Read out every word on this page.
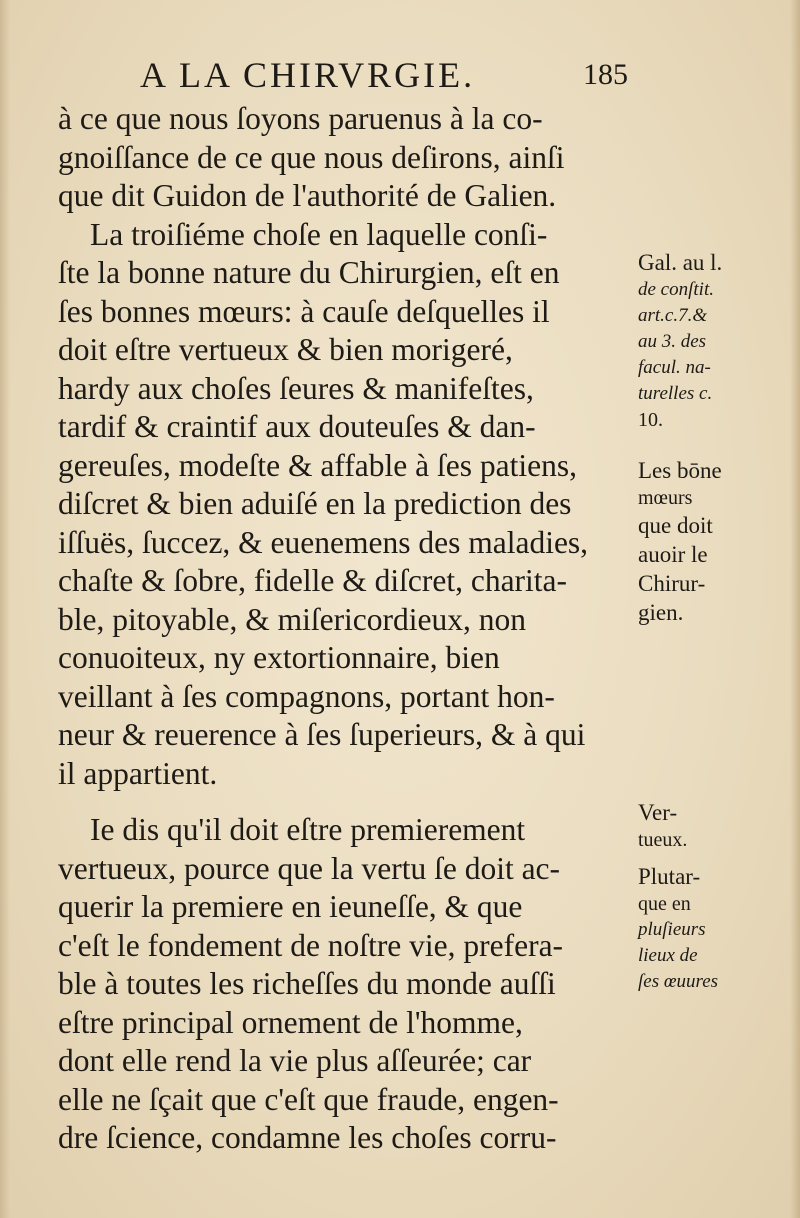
A LA CHIRVRGIE.	185
à ce que nous ſoyons paruenus à la co-
gnoiſſance de ce que nous deſirons, ainſi
que dit Guidon de l'authorité de Galien.
La troiſiéme choſe en laquelle conſi-
ſte la bonne nature du Chirurgien, eſt en
ſes bonnes mœurs: à cauſe deſquelles il
doit eſtre vertueux & bien morigeré,
hardy aux choſes ſeures & manifeſtes,
tardif & craintif aux douteuſes & dan-
gereuſes, modeſte & affable à ſes patiens,
diſcret & bien aduiſé en la prediction des
iſſuës, ſuccez, & euenemens des maladies,
chaſte & ſobre, fidelle & diſcret, charita-
ble, pitoyable, & miſericordieux, non
conuoiteux, ny extortionnaire, bien
veillant à ſes compagnons, portant hon-
neur & reuerence à ſes ſuperieurs, & à qui
il appartient.
Ie dis qu'il doit eſtre premierement
vertueux, pource que la vertu ſe doit ac-
querir la premiere en ieuneſſe, & que
c'eſt le fondement de noſtre vie, prefera-
ble à toutes les richeſſes du monde auſſi
eſtre principal ornement de l'homme,
dont elle rend la vie plus aſſeurée; car
elle ne ſçait que c'eſt que fraude, engen-
dre ſcience, condamne les choſes corru-
Gal. au l.
de conſtit.
art.c.7.&
au 3. des
facul. na-
turelles c.
10.
Les bōne
mœurs
que doit
auoir le
Chirur-
gien.
Ver-
tueux.
Plutar-
que en
pluſieurs
lieux de
ſes œuures
